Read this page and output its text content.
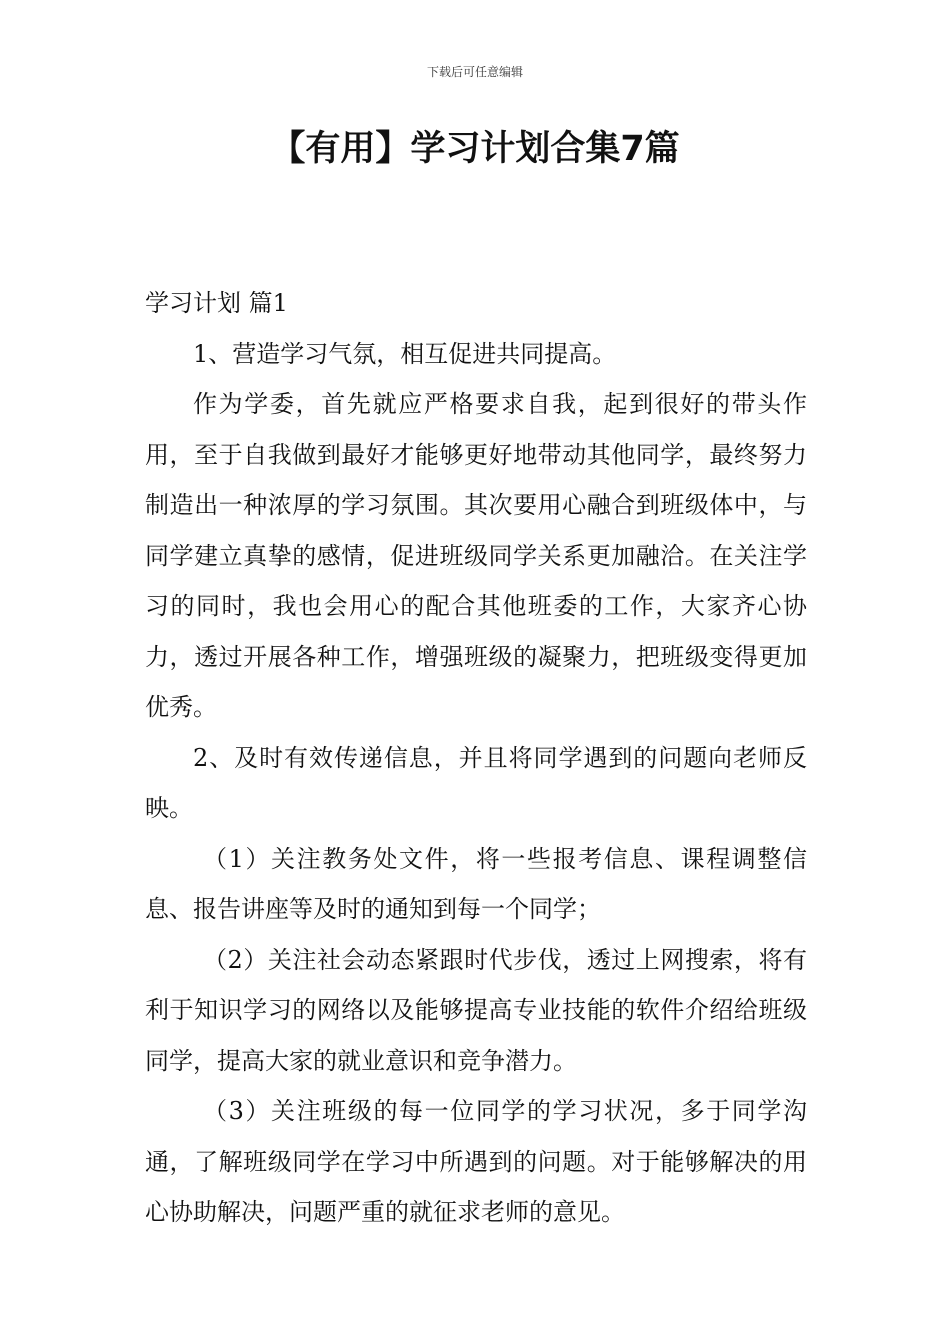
下载后可任意编辑
【有用】学习计划合集7篇

学习计划 篇1

1、营造学习气氛，相互促进共同提高。

作为学委，首先就应严格要求自我，起到很好的带头作用，至于自我做到最好才能够更好地带动其他同学，最终努力制造出一种浓厚的学习氛围。其次要用心融合到班级体中，与同学建立真挚的感情，促进班级同学关系更加融洽。在关注学习的同时，我也会用心的配合其他班委的工作，大家齐心协力，透过开展各种工作，增强班级的凝聚力，把班级变得更加优秀。

2、及时有效传递信息，并且将同学遇到的问题向老师反映。

（1）关注教务处文件，将一些报考信息、课程调整信息、报告讲座等及时的通知到每一个同学；

（2）关注社会动态紧跟时代步伐，透过上网搜索，将有利于知识学习的网络以及能够提高专业技能的软件介绍给班级同学，提高大家的就业意识和竞争潜力。

（3）关注班级的每一位同学的学习状况，多于同学沟通，了解班级同学在学习中所遇到的问题。对于能够解决的用心协助解决，问题严重的就征求老师的意见。
